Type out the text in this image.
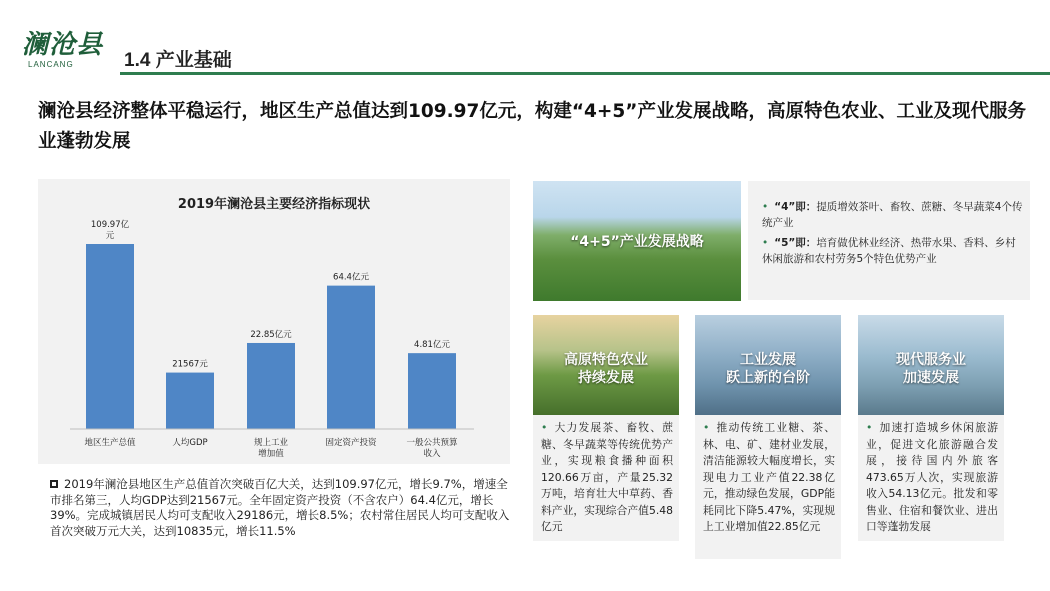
澜沧县
LANCANG	1.4 产业基础
澜沧县经济整体平稳运行，地区生产总值达到109.97亿元，构建“4+5”产业发展战略，高原特色农业、工业及现代服务业蓬勃发展
2019年澜沧县主要经济指标现状
109.97亿
元
地区生产总值
21567元
人均GDP
22.85亿元
规上工业
增加值
64.4亿元
固定资产投资
4.81亿元
一般公共预算
收入
2019年澜沧县地区生产总值首次突破百亿大关，达到109.97亿元，增长9.7%，增速全市排名第三，人均GDP达到21567元。全年固定资产投资（不含农户）64.4亿元，增长39%。完成城镇居民人均可支配收入29186元，增长8.5%；农村常住居民人均可支配收入首次突破万元大关，达到10835元，增长11.5%
“4+5”产业发展战略
• “4”即：提质增效茶叶、畜牧、蔗糖、冬早蔬菜4个传统产业
• “5”即：培育做优林业经济、热带水果、香料、乡村休闲旅游和农村劳务5个特色优势产业
高原特色农业
持续发展
• 大力发展茶、畜牧、蔗糖、冬早蔬菜等传统优势产业，实现粮食播种面积120.66万亩，产量25.32万吨，培育壮大中草药、香料产业，实现综合产值5.48亿元
工业发展
跃上新的台阶
• 推动传统工业糖、茶、林、电、矿、建材业发展，清洁能源较大幅度增长，实现电力工业产值22.38亿元，推动绿色发展，GDP能耗同比下降5.47%，实现规上工业增加值22.85亿元
现代服务业
加速发展
• 加速打造城乡休闲旅游业，促进文化旅游融合发展，接待国内外旅客473.65万人次，实现旅游收入54.13亿元。批发和零售业、住宿和餐饮业、进出口等蓬勃发展
